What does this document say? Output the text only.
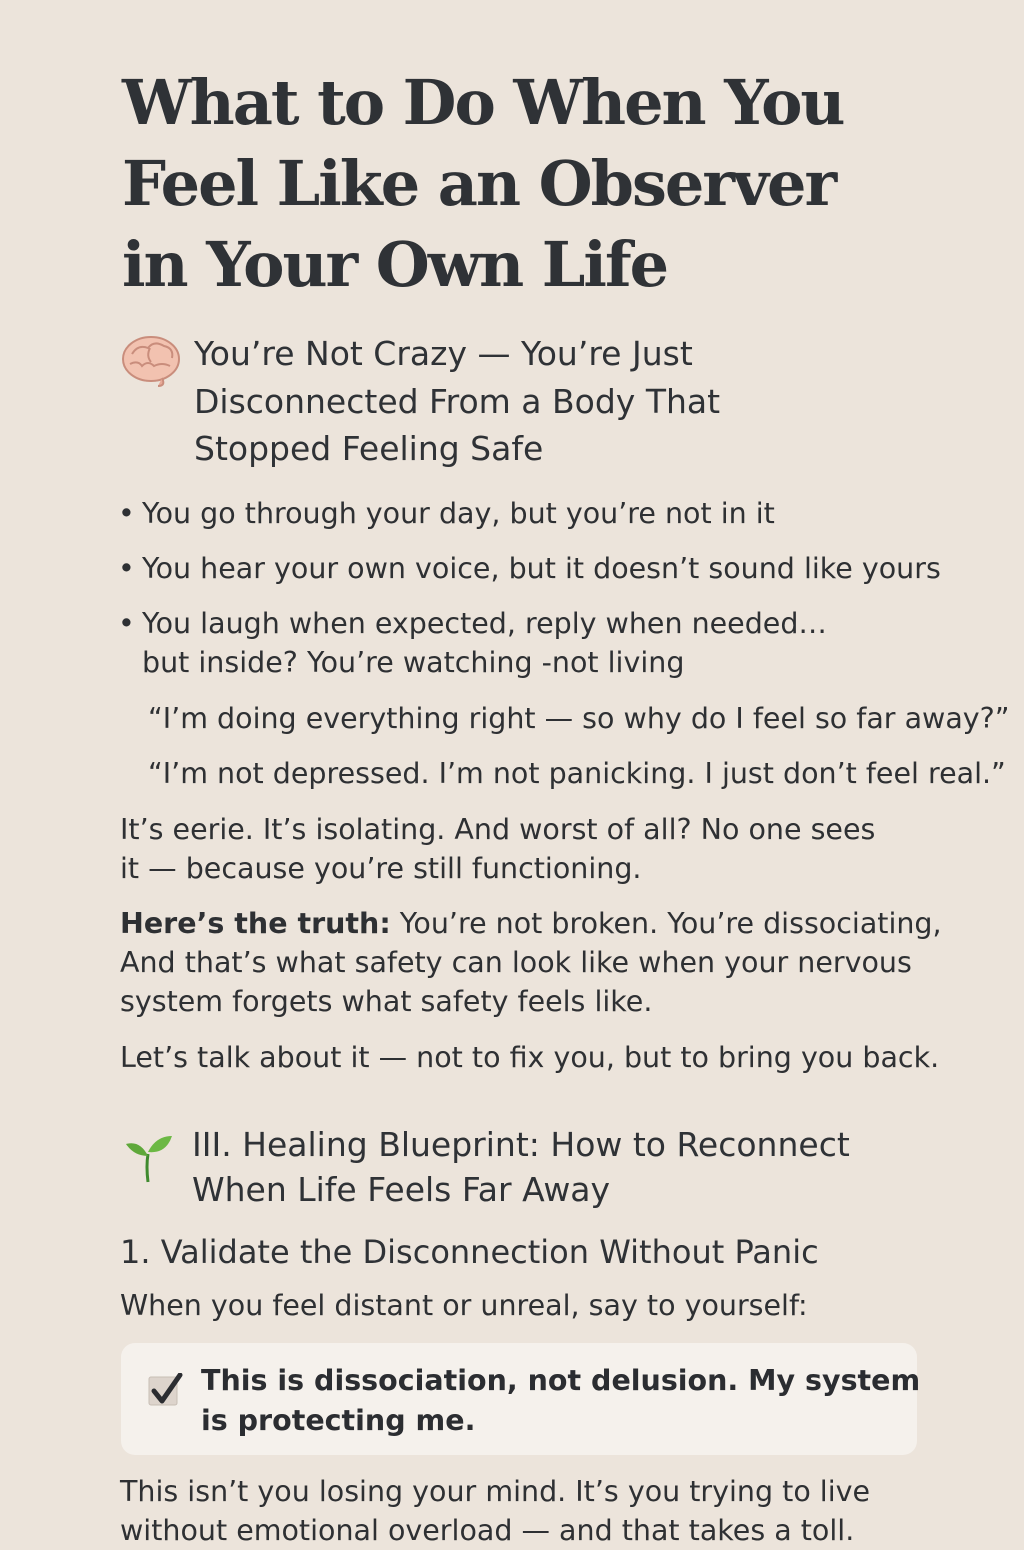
What to Do When You
Feel Like an Observer
in Your Own Life
You’re Not Crazy — You’re Just
Disconnected From a Body That
Stopped Feeling Safe
• You go through your day, but you’re not in it
• You hear your own voice, but it doesn’t sound like yours
• You laugh when expected, reply when needed…
but inside? You’re watching -not living

“I’m doing everything right — so why do I feel so far away?”

“I’m not depressed. I’m not panicking. I just don’t feel real.”

It’s eerie. It’s isolating. And worst of all? No one sees
it — because you’re still functioning.

Here’s the truth: You’re not broken. You’re dissociating,
And that’s what safety can look like when your nervous
system forgets what safety feels like.

Let’s talk about it — not to fix you, but to bring you back.

III. Healing Blueprint: How to Reconnect
When Life Feels Far Away
1. Validate the Disconnection Without Panic

When you feel distant or unreal, say to yourself:

This is dissociation, not delusion. My system
is protecting me.

This isn’t you losing your mind. It’s you trying to live
without emotional overload — and that takes a toll.
